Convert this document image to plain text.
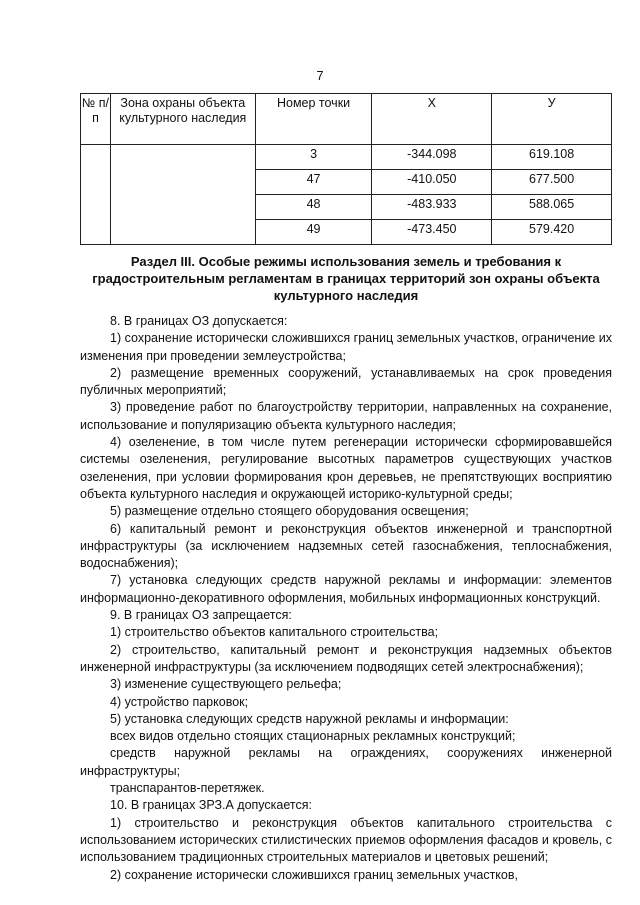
7
№ п/п	Зона охраны объекта культурного наследия	Номер точки	X	У
		3	-344.098	619.108
		47	-410.050	677.500
		48	-483.933	588.065
		49	-473.450	579.420
Раздел III. Особые режимы использования земель и требования к градостроительным регламентам в границах территорий зон охраны объекта культурного наследия

8. В границах ОЗ допускается:

1) сохранение исторически сложившихся границ земельных участков, ограничение их изменения при проведении землеустройства;

2) размещение временных сооружений, устанавливаемых на срок проведения публичных мероприятий;

3) проведение работ по благоустройству территории, направленных на сохранение, использование и популяризацию объекта культурного наследия;

4) озеленение, в том числе путем регенерации исторически сформировавшейся системы озеленения, регулирование высотных параметров существующих участков озеленения, при условии формирования крон деревьев, не препятствующих восприятию объекта культурного наследия и окружающей историко-культурной среды;

5) размещение отдельно стоящего оборудования освещения;

6) капитальный ремонт и реконструкция объектов инженерной и транспортной инфраструктуры (за исключением надземных сетей газоснабжения, теплоснабжения, водоснабжения);

7) установка следующих средств наружной рекламы и информации: элементов информационно-декоративного оформления, мобильных информационных конструкций.

9. В границах ОЗ запрещается:

1) строительство объектов капитального строительства;

2) строительство, капитальный ремонт и реконструкция надземных объектов инженерной инфраструктуры (за исключением подводящих сетей электроснабжения);

3) изменение существующего рельефа;

4) устройство парковок;

5) установка следующих средств наружной рекламы и информации:

всех видов отдельно стоящих стационарных рекламных конструкций;

средств наружной рекламы на ограждениях, сооружениях инженерной инфраструктуры;

транспарантов-перетяжек.

10. В границах ЗРЗ.А допускается:

1) строительство и реконструкция объектов капитального строительства с использованием исторических стилистических приемов оформления фасадов и кровель, с использованием традиционных строительных материалов и цветовых решений;

2) сохранение исторически сложившихся границ земельных участков,
